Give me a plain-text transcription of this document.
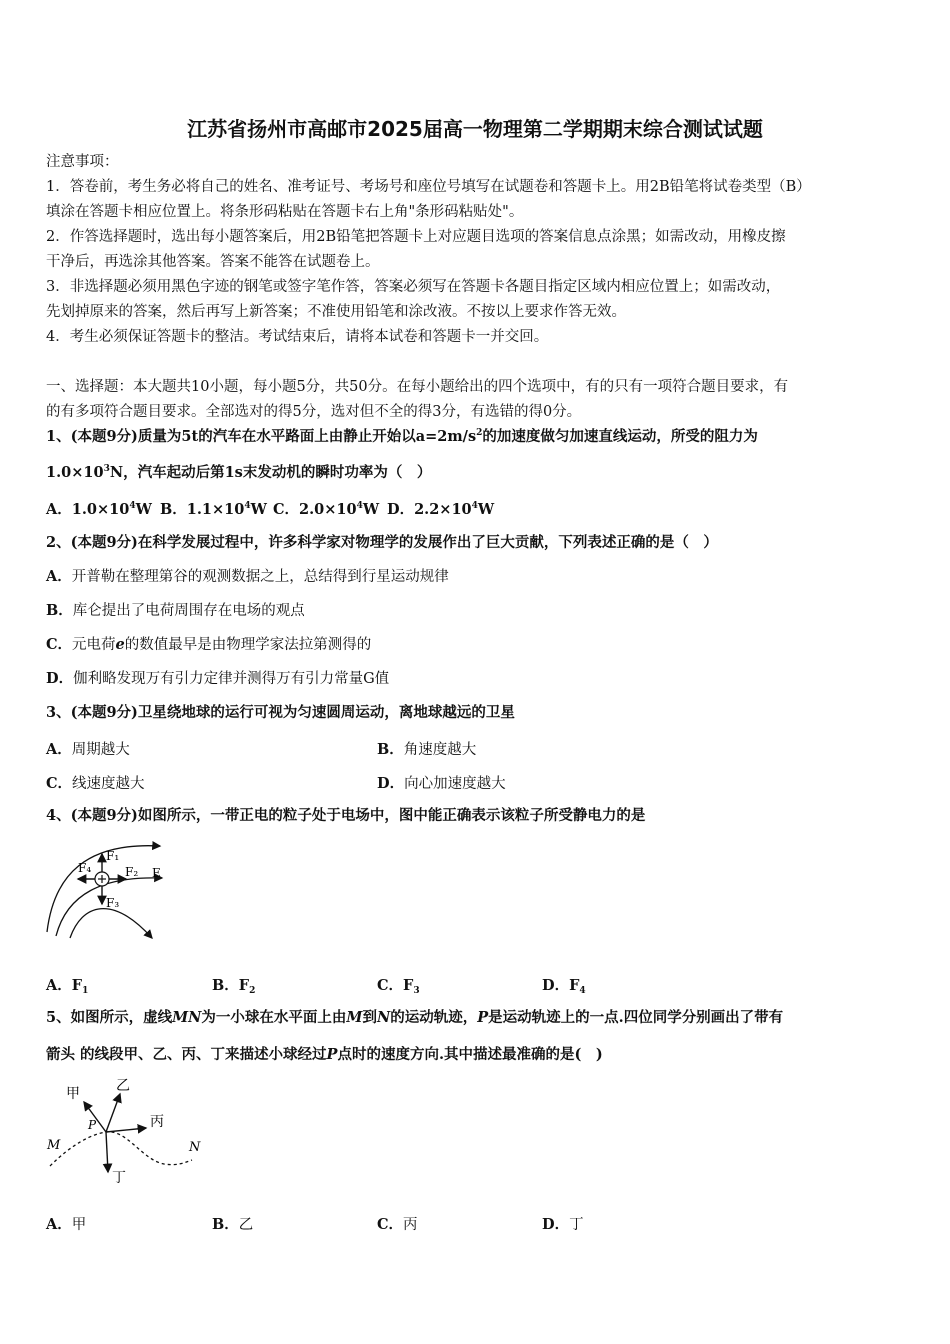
江苏省扬州市高邮市2025届高一物理第二学期期末综合测试试题
注意事项：
1．答卷前，考生务必将自己的姓名、准考证号、考场号和座位号填写在试题卷和答题卡上。用2B铅笔将试卷类型（B）
填涂在答题卡相应位置上。将条形码粘贴在答题卡右上角"条形码粘贴处"。
2．作答选择题时，选出每小题答案后，用2B铅笔把答题卡上对应题目选项的答案信息点涂黑；如需改动，用橡皮擦
干净后，再选涂其他答案。答案不能答在试题卷上。
3．非选择题必须用黑色字迹的钢笔或签字笔作答，答案必须写在答题卡各题目指定区域内相应位置上；如需改动，
先划掉原来的答案，然后再写上新答案；不准使用铅笔和涂改液。不按以上要求作答无效。
4．考生必须保证答题卡的整洁。考试结束后，请将本试卷和答题卡一并交回。
一、选择题：本大题共10小题，每小题5分，共50分。在每小题给出的四个选项中，有的只有一项符合题目要求，有
的有多项符合题目要求。全部选对的得5分，选对但不全的得3分，有选错的得0分。
1、(本题9分)质量为5t的汽车在水平路面上由静止开始以$a=2m/s^2$的加速度做匀加速直线运动，所受的阻力为
$1.0\times 10^3N$，汽车起动后第1s末发动机的瞬时功率为（　）
A．$1.0\times 10^4W$ B．$1.1\times 10^4W$ C．$2.0\times 10^4W$ D．$2.2\times 10^4W$
2、(本题9分)在科学发展过程中，许多科学家对物理学的发展作出了巨大贡献，下列表述正确的是（　）
A．开普勒在整理第谷的观测数据之上，总结得到行星运动规律
B．库仑提出了电荷周围存在电场的观点
C．元电荷e的数值最早是由物理学家法拉第测得的
D．伽利略发现万有引力定律并测得万有引力常量G值
3、(本题9分)卫星绕地球的运行可视为匀速圆周运动，离地球越远的卫星
A．周期越大	B．角速度越大
C．线速度越大	D．向心加速度越大
4、(本题9分)如图所示，一带正电的粒子处于电场中，图中能正确表示该粒子所受静电力的是
F₁
F₂
F₃
F₄	E
A．$F_1$	B．$F_2$	C．$F_3$	D．$F_4$
5、如图所示，虚线MN为一小球在水平面上由M到N的运动轨迹，P是运动轨迹上的一点.四位同学分别画出了带有
箭头 的线段甲、乙、丙、丁来描述小球经过P点时的速度方向.其中描述最准确的是(　)
甲	乙
丙
丁
M	N
P
A．甲	B．乙	C．丙	D．丁
